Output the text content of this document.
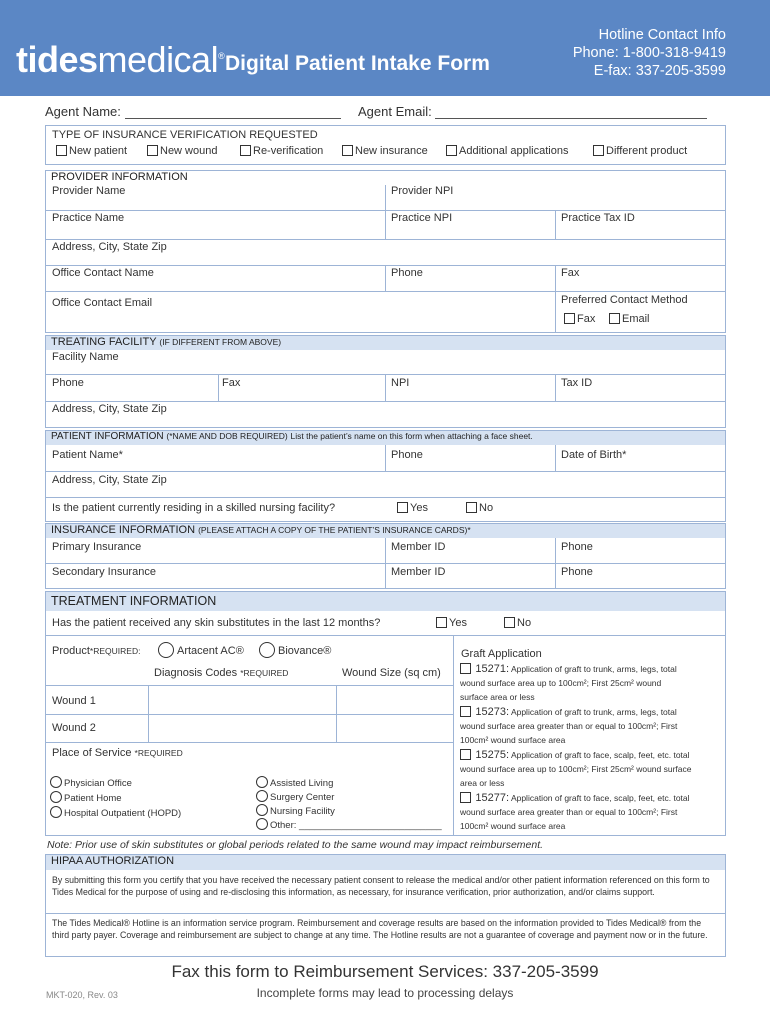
tidesmedical® Digital Patient Intake Form
Hotline Contact Info
Phone: 1-800-318-9419
E-fax: 337-205-3599
Agent Name:	Agent Email:
TYPE OF INSURANCE VERIFICATION REQUESTED
New patient	New wound	Re-verification	New insurance	Additional applications	Different product
PROVIDER INFORMATION
Provider Name	Provider NPI
Practice Name	Practice NPI	Practice Tax ID
Address, City, State Zip
Office Contact Name	Phone	Fax
Office Contact Email	Preferred Contact Method
Fax	Email
TREATING FACILITY (IF DIFFERENT FROM ABOVE)
Facility Name
Phone	Fax	NPI	Tax ID
Address, City, State Zip
PATIENT INFORMATION (*NAME AND DOB REQUIRED) List the patient’s name on this form when attaching a face sheet.
Patient Name*	Phone	Date of Birth*
Address, City, State Zip
Is the patient currently residing in a skilled nursing facility?	Yes	No
INSURANCE INFORMATION (PLEASE ATTACH A COPY OF THE PATIENT’S INSURANCE CARDS)*
Primary Insurance	Member ID	Phone
Secondary Insurance	Member ID	Phone
TREATMENT INFORMATION
Has the patient received any skin substitutes in the last 12 months?	Yes	No
Product*REQUIRED:	Artacent AC®	Biovance®
Diagnosis Codes *REQUIRED	Wound Size (sq cm)
Wound 1
Wound 2
Place of Service *REQUIRED
Physician Office
Patient Home
Hospital Outpatient (HOPD)
Assisted Living
Surgery Center
Nursing Facility
Other: ___________________________
Graft Application
15271: Application of graft to trunk, arms, legs, total
wound surface area up to 100cm²; First 25cm² wound
surface area or less
15273: Application of graft to trunk, arms, legs, total
wound surface area greater than or equal to 100cm²; First
100cm² wound surface area
15275: Application of graft to face, scalp, feet, etc. total
wound surface area up to 100cm²; First 25cm² wound surface
area or less
15277: Application of graft to face, scalp, feet, etc. total
wound surface area greater than or equal to 100cm²; First
100cm² wound surface area
Note: Prior use of skin substitutes or global periods related to the same wound may impact reimbursement.
HIPAA AUTHORIZATION
By submitting this form you certify that you have received the necessary patient consent to release the medical and/or other patient information referenced on this form to Tides Medical for the purpose of using and re-disclosing this information, as necessary, for insurance verification, prior authorization, and/or claims support.
The Tides Medical® Hotline is an information service program. Reimbursement and coverage results are based on the information provided to Tides Medical® from the third party payer. Coverage and reimbursement are subject to change at any time. The Hotline results are not a guarantee of coverage and payment now or in the future.
Fax this form to Reimbursement Services: 337-205-3599
Incomplete forms may lead to processing delays
MKT-020, Rev. 03
